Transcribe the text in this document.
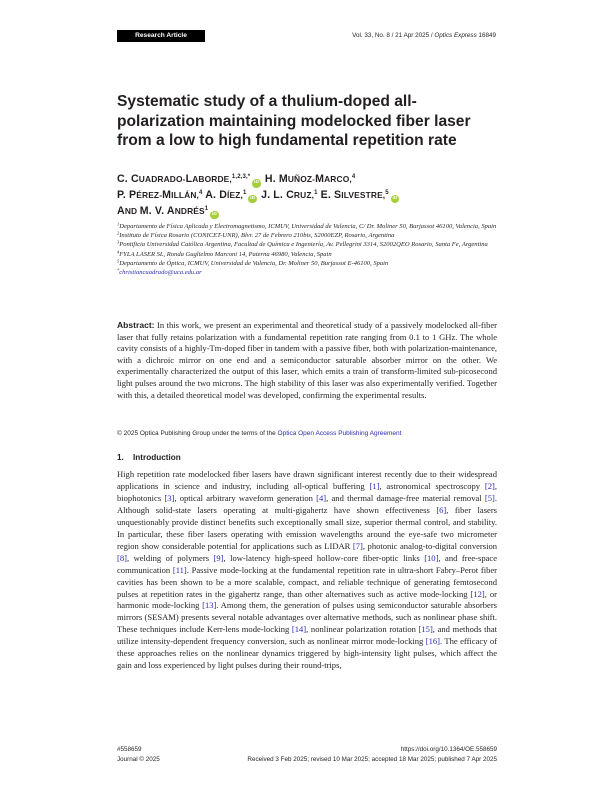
Research Article	Vol. 33, No. 8 / 21 Apr 2025 / Optics Express 16849
Systematic study of a thulium-doped all-polarization maintaining modelocked fiber laser from a low to high fundamental repetition rate
C. CUADRADO-LABORDE,$^{1,2,3,*}$iD H. MUÑOZ-MARCO,$^4$
P. PÉREZ-MILLÁN,$^4$ A. DÍEZ,$^1$iD J. L. CRUZ,$^1$ E. SILVESTRE,$^5$iD
AND M. V. ANDRÉS$^1$iD
$^1$Departamento de Física Aplicada y Electromagnetismo, ICMUV, Universidad de Valencia, C/ Dr. Moliner 50, Burjassot 46100, Valencia, Spain
$^2$Instituto de Física Rosario (CONICET-UNR), Blvr. 27 de Febrero 210bis, S2000EZP, Rosario, Argentina
$^3$Pontificia Universidad Católica Argentina, Facultad de Química e Ingeniería, Av. Pellegrini 3314, S2002QEO Rosario, Santa Fe, Argentina
$^4$FYLA LASER SL, Ronda Guglielmo Marconi 14, Paterna 46980, Valencia, Spain
$^5$Departamento de Óptica, ICMUV, Universidad de Valencia, Dr. Moliner 50, Burjassot E-46100, Spain
*christiancuadrado@uca.edu.ar

Abstract: In this work, we present an experimental and theoretical study of a passively modelocked all-fiber laser that fully retains polarization with a fundamental repetition rate ranging from 0.1 to 1 GHz. The whole cavity consists of a highly-Tm-doped fiber in tandem with a passive fiber, both with polarization-maintenance, with a dichroic mirror on one end and a semiconductor saturable absorber mirror on the other. We experimentally characterized the output of this laser, which emits a train of transform-limited sub-picosecond light pulses around the two microns. The high stability of this laser was also experimentally verified. Together with this, a detailed theoretical model was developed, confirming the experimental results.

© 2025 Optica Publishing Group under the terms of the Optica Open Access Publishing Agreement
1. Introduction

High repetition rate modelocked fiber lasers have drawn significant interest recently due to their widespread applications in science and industry, including all-optical buffering [1], astronomical spectroscopy [2], biophotonics [3], optical arbitrary waveform generation [4], and thermal damage-free material removal [5]. Although solid-state lasers operating at multi-gigahertz have shown effectiveness [6], fiber lasers unquestionably provide distinct benefits such exceptionally small size, superior thermal control, and stability. In particular, these fiber lasers operating with emission wavelengths around the eye-safe two micrometer region show considerable potential for applications such as LIDAR [7], photonic analog-to-digital conversion [8], welding of polymers [9], low-latency high-speed hollow-core fiber-optic links [10], and free-space communication [11]. Passive mode-locking at the fundamental repetition rate in ultra-short Fabry–Perot fiber cavities has been shown to be a more scalable, compact, and reliable technique of generating femtosecond pulses at repetition rates in the gigahertz range, than other alternatives such as active mode-locking [12], or harmonic mode-locking [13]. Among them, the generation of pulses using semiconductor saturable absorbers mirrors (SESAM) presents several notable advantages over alternative methods, such as nonlinear phase shift. These techniques include Kerr-lens mode-locking [14], nonlinear polarization rotation [15], and methods that utilize intensity-dependent frequency conversion, such as nonlinear mirror mode-locking [16]. The efficacy of these approaches relies on the nonlinear dynamics triggered by high-intensity light pulses, which affect the gain and loss experienced by light pulses during their round-trips,

#558659
Journal © 2025
https://doi.org/10.1364/OE.558659
Received 3 Feb 2025; revised 10 Mar 2025; accepted 18 Mar 2025; published 7 Apr 2025
